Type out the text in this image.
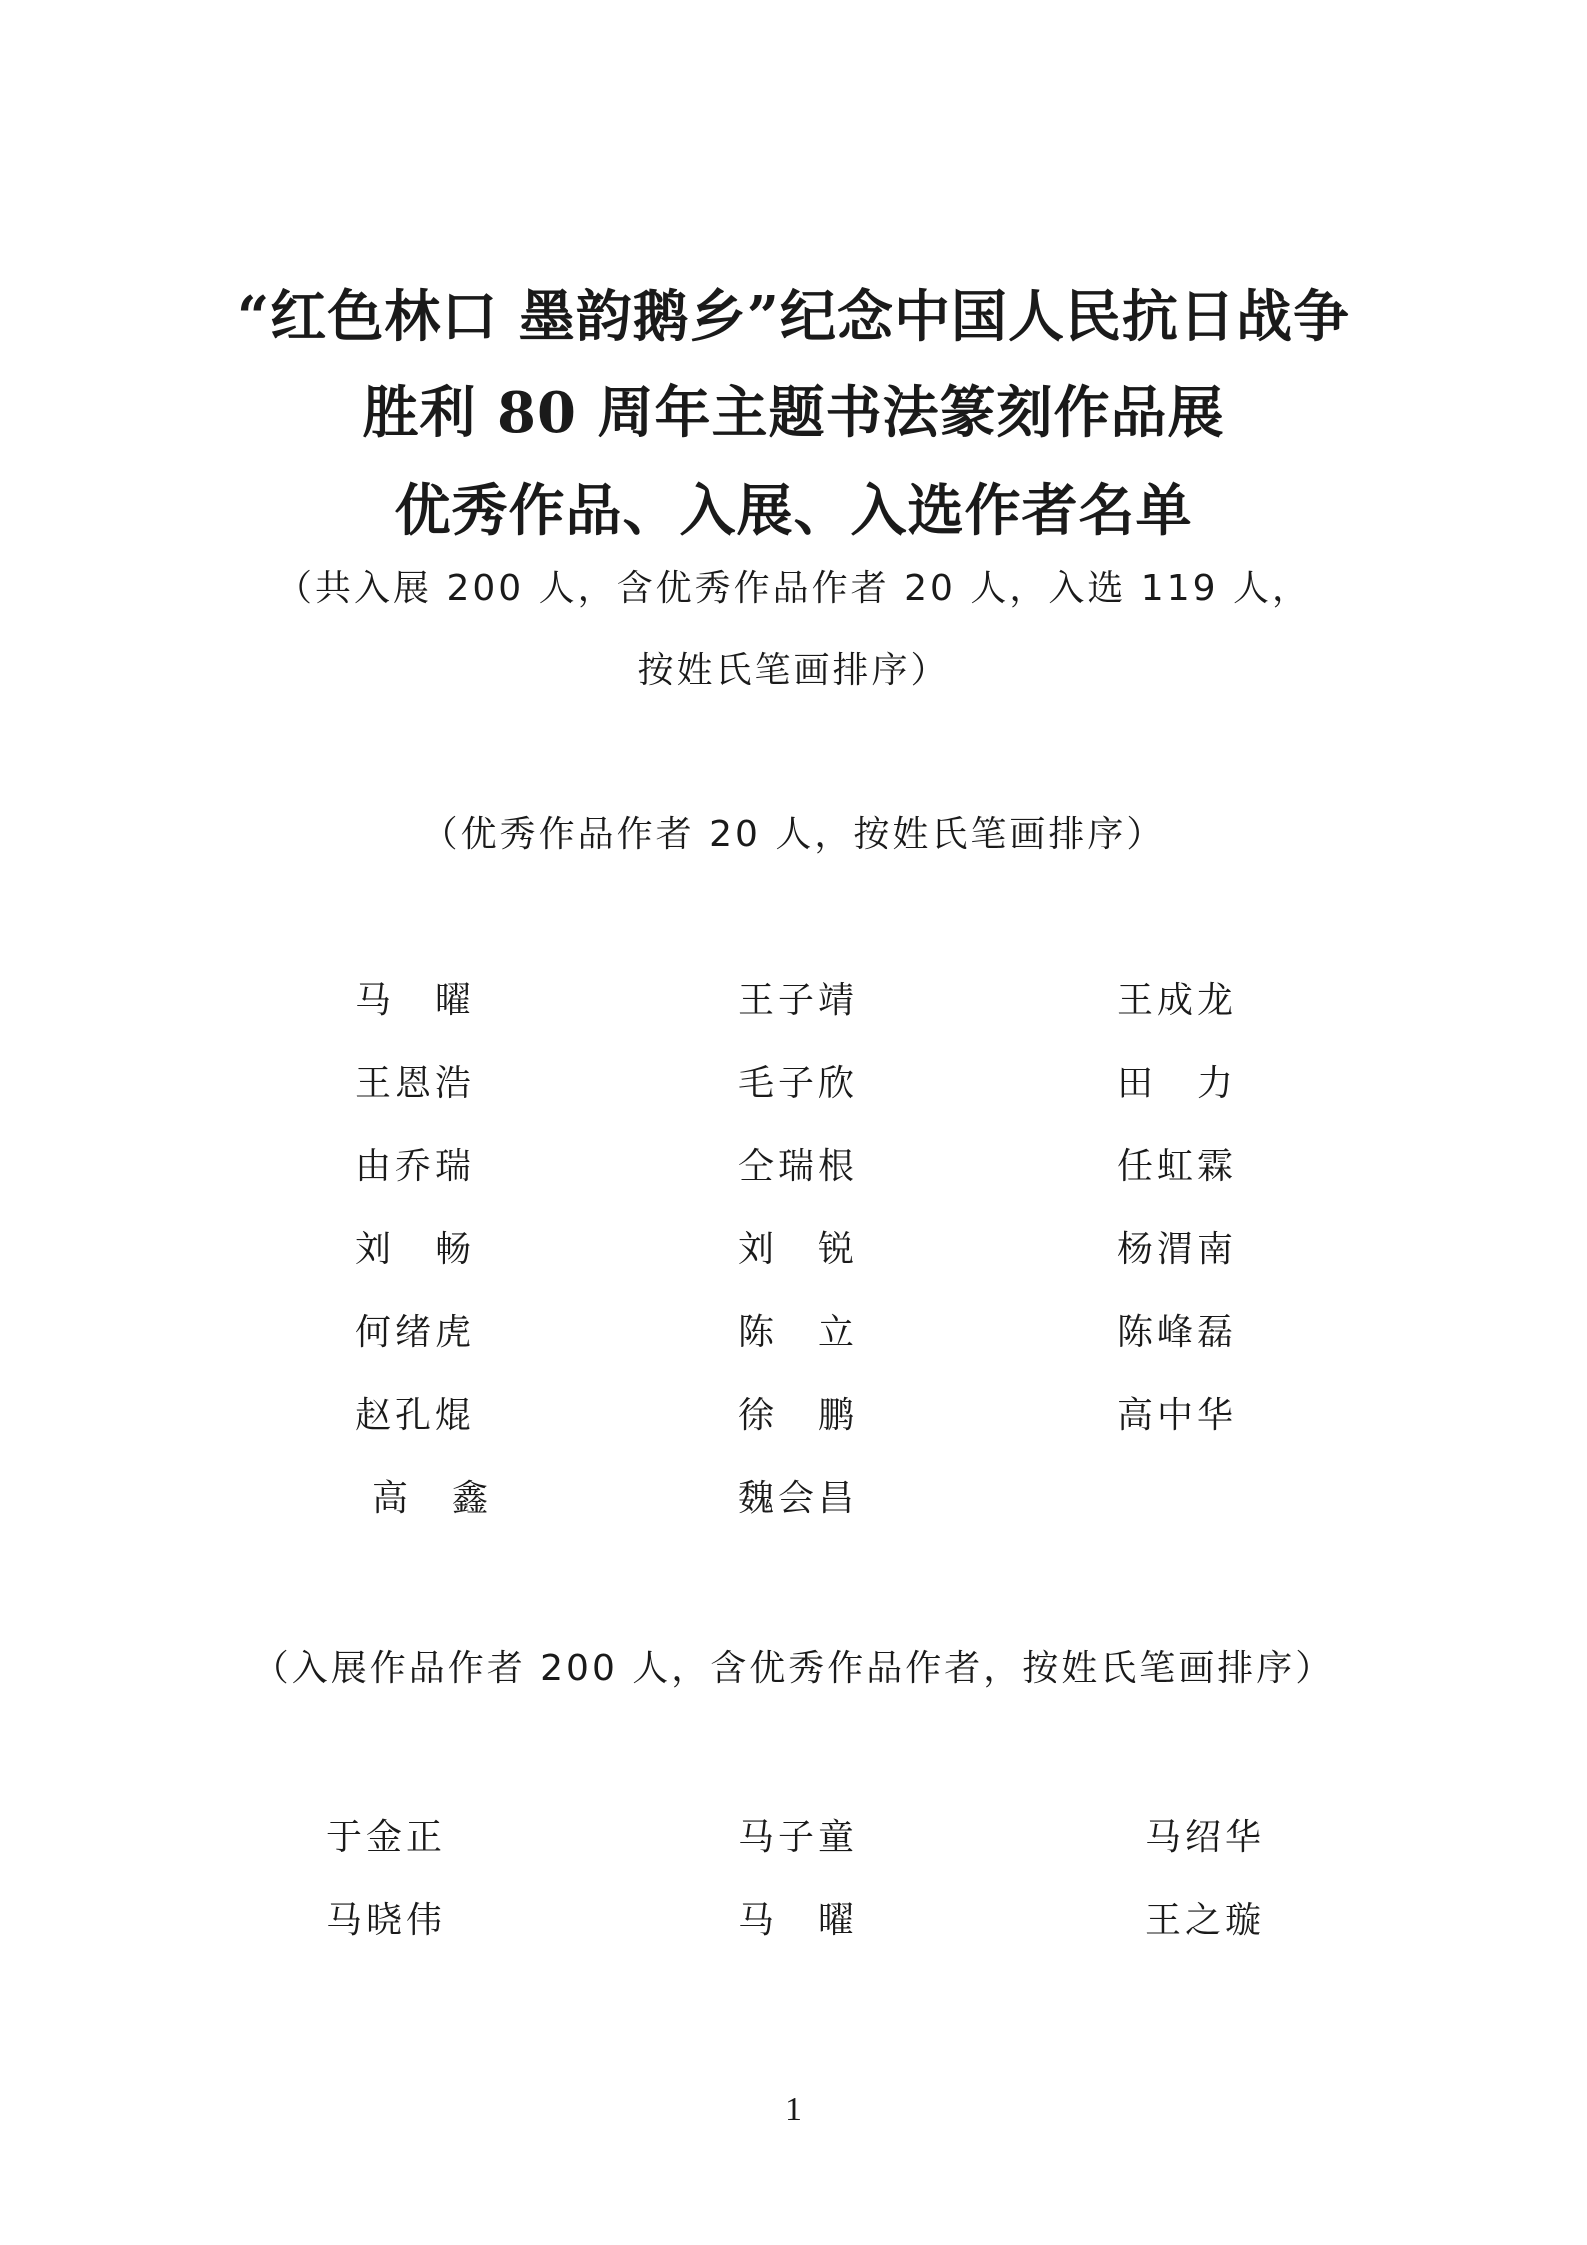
“红色林口 墨韵鹅乡”纪念中国人民抗日战争
胜利 80 周年主题书法篆刻作品展
优秀作品、入展、入选作者名单

（共入展 200 人，含优秀作品作者 20 人，入选 119 人，

按姓氏笔画排序）

（优秀作品作者 20 人，按姓氏笔画排序）

马　曜	王子靖	王成龙
王恩浩	毛子欣	田　力
由乔瑞	仝瑞根	任虹霖
刘　畅	刘　锐	杨渭南
何绪虎	陈　立	陈峰磊
赵孔焜	徐　鹏	高中华
高　鑫	魏会昌

（入展作品作者 200 人，含优秀作品作者，按姓氏笔画排序）

于金正	马子童	马绍华
马晓伟	马　曜	王之璇
1
